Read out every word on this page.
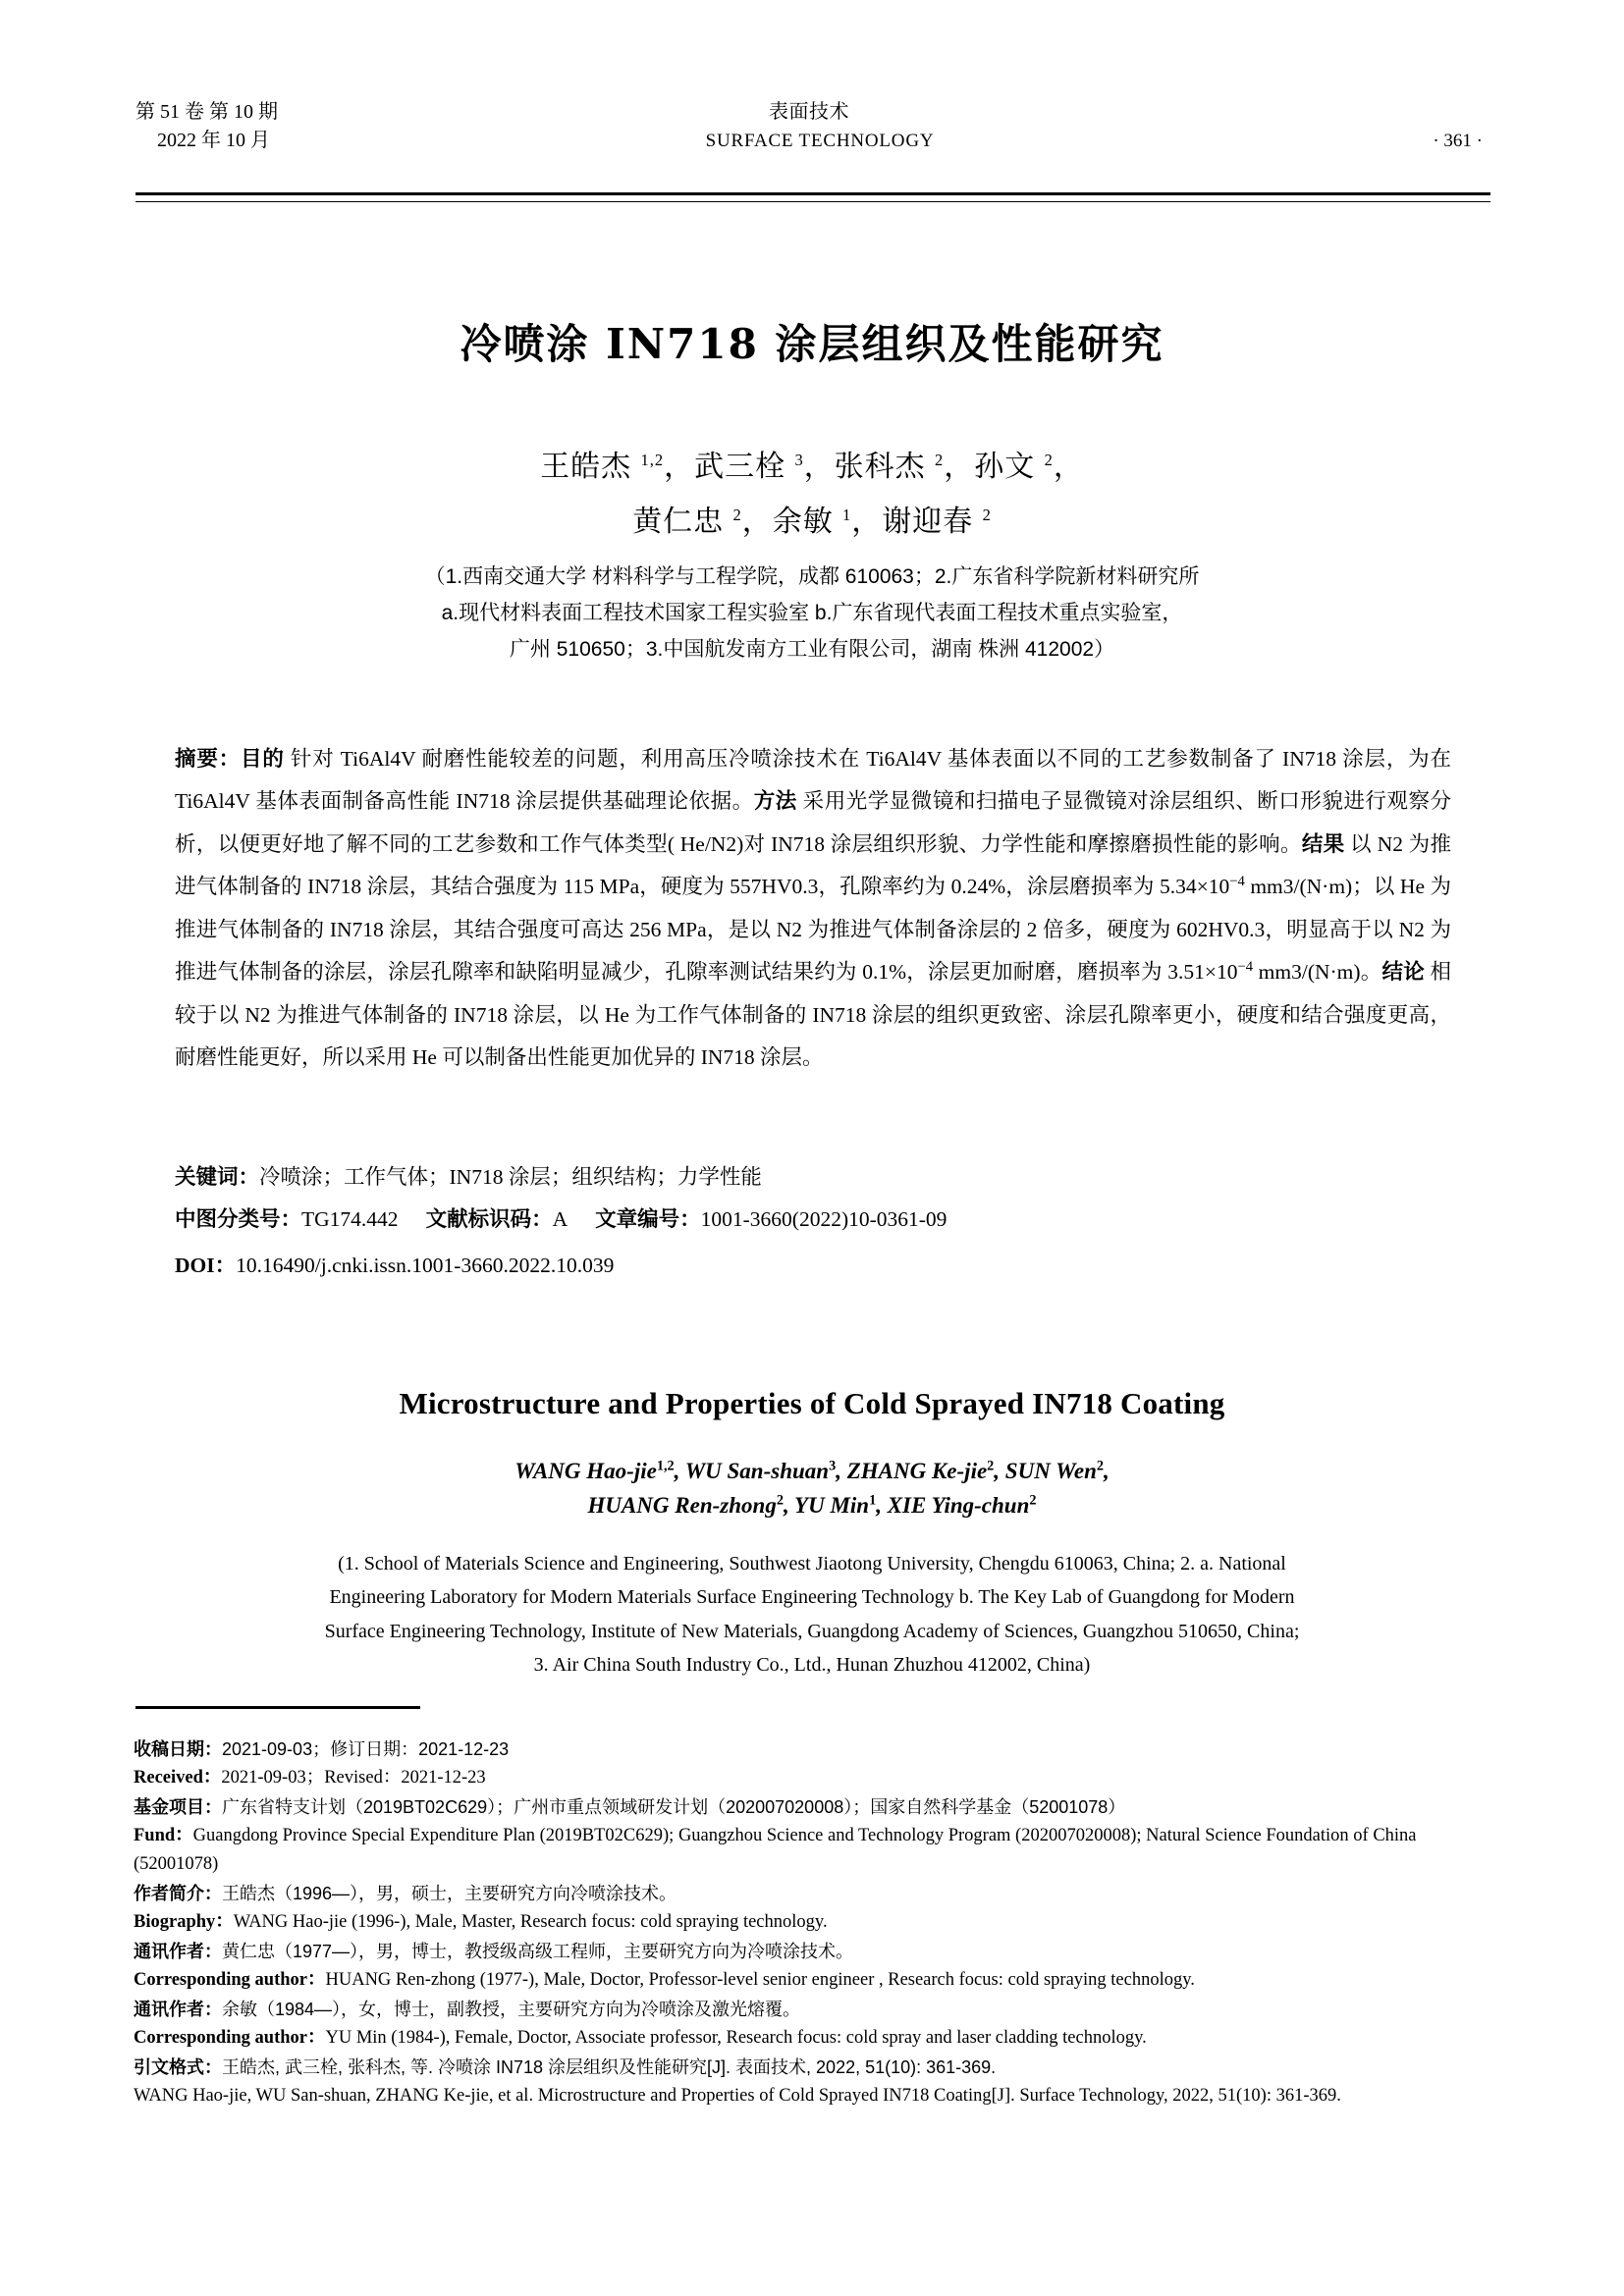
第 51 卷 第 10 期	表面技术
2022 年 10 月	SURFACE TECHNOLOGY	· 361 ·
冷喷涂 IN718 涂层组织及性能研究
王皓杰 $^{1,2}$，武三栓 $^3$，张科杰 $^2$，孙文 $^2$，
黄仁忠 $^2$，余敏 $^1$，谢迎春 $^2$
（1.西南交通大学 材料科学与工程学院，成都 610063；2.广东省科学院新材料研究所
a.现代材料表面工程技术国家工程实验室 b.广东省现代表面工程技术重点实验室，
广州 510650；3.中国航发南方工业有限公司，湖南 株洲 412002）

摘要：目的 针对 Ti6Al4V 耐磨性能较差的问题，利用高压冷喷涂技术在 Ti6Al4V 基体表面以不同的工艺参数制备了 IN718 涂层，为在 Ti6Al4V 基体表面制备高性能 IN718 涂层提供基础理论依据。方法 采用光学显微镜和扫描电子显微镜对涂层组织、断口形貌进行观察分析，以便更好地了解不同的工艺参数和工作气体类型( He/N2)对 IN718 涂层组织形貌、力学性能和摩擦磨损性能的影响。结果 以 N2 为推进气体制备的 IN718 涂层，其结合强度为 115 MPa，硬度为 557HV0.3，孔隙率约为 0.24%，涂层磨损率为 $5.34\times 10^{-4}$ mm3/(N·m)；以 He 为推进气体制备的 IN718 涂层，其结合强度可高达 256 MPa，是以 N2 为推进气体制备涂层的 2 倍多，硬度为 602HV0.3，明显高于以 N2 为推进气体制备的涂层，涂层孔隙率和缺陷明显减少，孔隙率测试结果约为 0.1%，涂层更加耐磨，磨损率为 $3.51\times 10^{-4}$ mm3/(N·m)。结论 相较于以 N2 为推进气体制备的 IN718 涂层，以 He 为工作气体制备的 IN718 涂层的组织更致密、涂层孔隙率更小，硬度和结合强度更高，耐磨性能更好，所以采用 He 可以制备出性能更加优异的 IN718 涂层。

关键词：冷喷涂；工作气体；IN718 涂层；组织结构；力学性能
中图分类号：TG174.442 文献标识码：A 文章编号：1001-3660(2022)10-0361-09
DOI：10.16490/j.cnki.issn.1001-3660.2022.10.039
Microstructure and Properties of Cold Sprayed IN718 Coating
WANG Hao-jie$^{1,2}$, WU San-shuan$^3$, ZHANG Ke-jie$^2$, SUN Wen$^2$,
HUANG Ren-zhong$^2$, YU Min$^1$, XIE Ying-chun$^2$
(1. School of Materials Science and Engineering, Southwest Jiaotong University, Chengdu 610063, China; 2. a. National
Engineering Laboratory for Modern Materials Surface Engineering Technology b. The Key Lab of Guangdong for Modern
Surface Engineering Technology, Institute of New Materials, Guangdong Academy of Sciences, Guangzhou 510650, China;
3. Air China South Industry Co., Ltd., Hunan Zhuzhou 412002, China)

收稿日期：2021-09-03；修订日期：2021-12-23

Received：2021-09-03；Revised：2021-12-23

基金项目：广东省特支计划（2019BT02C629）；广州市重点领域研发计划（202007020008）；国家自然科学基金（52001078）

Fund：Guangdong Province Special Expenditure Plan (2019BT02C629); Guangzhou Science and Technology Program (202007020008); Natural Science Foundation of China (52001078)

作者简介：王皓杰（1996—），男，硕士，主要研究方向冷喷涂技术。

Biography：WANG Hao-jie (1996-), Male, Master, Research focus: cold spraying technology.

通讯作者：黄仁忠（1977—），男，博士，教授级高级工程师，主要研究方向为冷喷涂技术。

Corresponding author：HUANG Ren-zhong (1977-), Male, Doctor, Professor-level senior engineer , Research focus: cold spraying technology.

通讯作者：余敏（1984—），女，博士，副教授，主要研究方向为冷喷涂及激光熔覆。

Corresponding author：YU Min (1984-), Female, Doctor, Associate professor, Research focus: cold spray and laser cladding technology.

引文格式：王皓杰, 武三栓, 张科杰, 等. 冷喷涂 IN718 涂层组织及性能研究[J]. 表面技术, 2022, 51(10): 361-369.

WANG Hao-jie, WU San-shuan, ZHANG Ke-jie, et al. Microstructure and Properties of Cold Sprayed IN718 Coating[J]. Surface Technology, 2022, 51(10): 361-369.
